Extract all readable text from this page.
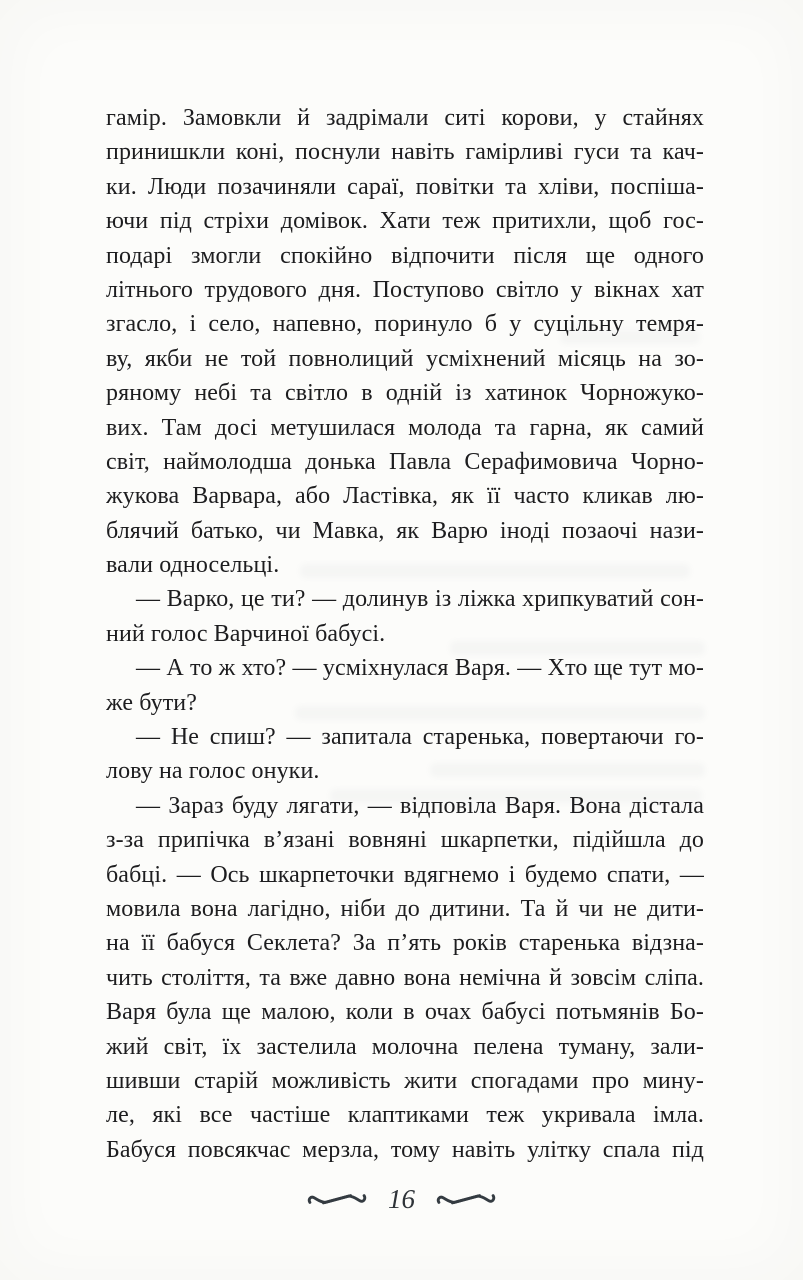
гамір. Замовкли й задрімали ситі корови, у стайнях
принишкли коні, поснули навіть гамірливі гуси та кач-
ки. Люди позачиняли сараї, повітки та хліви, поспіша-
ючи під стріхи домівок. Хати теж притихли, щоб гос-
подарі змогли спокійно відпочити після ще одного
літнього трудового дня. Поступово світло у вікнах хат
згасло, і село, напевно, поринуло б у суцільну темря-
ву, якби не той повнолиций усміхнений місяць на зо-
ряному небі та світло в одній із хатинок Чорножуко-
вих. Там досі метушилася молода та гарна, як самий
світ, наймолодша донька Павла Серафимовича Чорно-
жукова Варвара, або Ластівка, як її часто кликав лю-
блячий батько, чи Мавка, як Варю іноді позаочі нази-
вали односельці.
— Варко, це ти? — долинув із ліжка хрипкуватий сон-
ний голос Варчиної бабусі.
— А то ж хто? — усміхнулася Варя. — Хто ще тут мо-
же бути?
— Не спиш? — запитала старенька, повертаючи го-
лову на голос онуки.
— Зараз буду лягати, — відповіла Варя. Вона дістала
з-за припічка в’язані вовняні шкарпетки, підійшла до
бабці. — Ось шкарпеточки вдягнемо і будемо спати, —
мовила вона лагідно, ніби до дитини. Та й чи не дити-
на її бабуся Секлета? За п’ять років старенька відзна-
чить століття, та вже давно вона немічна й зовсім сліпа.
Варя була ще малою, коли в очах бабусі потьмянів Бо-
жий світ, їх застелила молочна пелена туману, зали-
шивши старій можливість жити спогадами про мину-
ле, які все частіше клаптиками теж укривала імла.
Бабуся повсякчас мерзла, тому навіть улітку спала під
16
